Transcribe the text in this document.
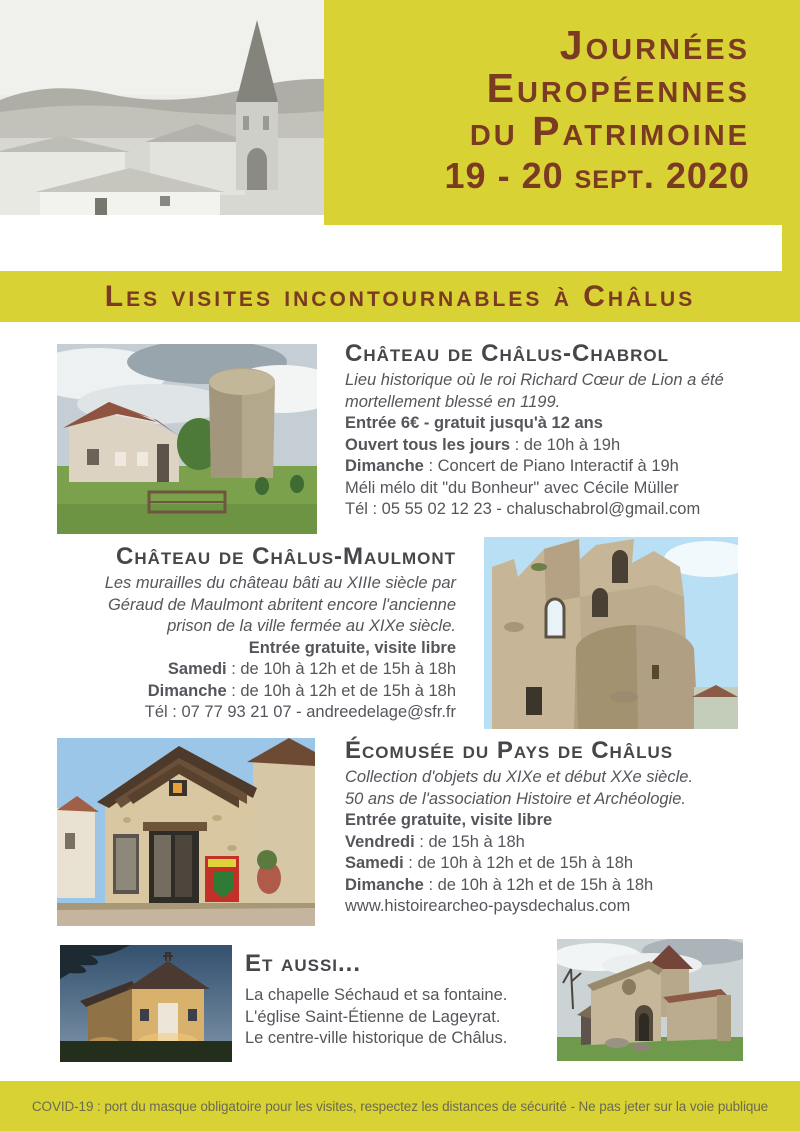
Journées
Européennes
du Patrimoine
19 - 20 sept. 2020
Les visites incontournables à Châlus
Château de Châlus-Chabrol

Lieu historique où le roi Richard Cœur de Lion a été

mortellement blessé en 1199.

Entrée 6€ - gratuit jusqu'à 12 ans

Ouvert tous les jours : de 10h à 19h

Dimanche : Concert de Piano Interactif à 19h

Méli mélo dit "du Bonheur" avec Cécile Müller

Tél : 05 55 02 12 23 - chaluschabrol@gmail.com

Château de Châlus-Maulmont

Les murailles du château bâti au XIIIe siècle par

Géraud de Maulmont abritent encore l'ancienne

prison de la ville fermée au XIXe siècle.

Entrée gratuite, visite libre

Samedi : de 10h à 12h et de 15h à 18h

Dimanche : de 10h à 12h et de 15h à 18h

Tél : 07 77 93 21 07 - andreedelage@sfr.fr

Écomusée du Pays de Châlus

Collection d'objets du XIXe et début XXe siècle.

50 ans de l'association Histoire et Archéologie.

Entrée gratuite, visite libre

Vendredi : de 15h à 18h

Samedi : de 10h à 12h et de 15h à 18h

Dimanche : de 10h à 12h et de 15h à 18h

www.histoirearcheo-paysdechalus.com

Et aussi...

La chapelle Séchaud et sa fontaine.

L'église Saint-Étienne de Lageyrat.

Le centre-ville historique de Châlus.

COVID-19 : port du masque obligatoire pour les visites, respectez les distances de sécurité - Ne pas jeter sur la voie publique
